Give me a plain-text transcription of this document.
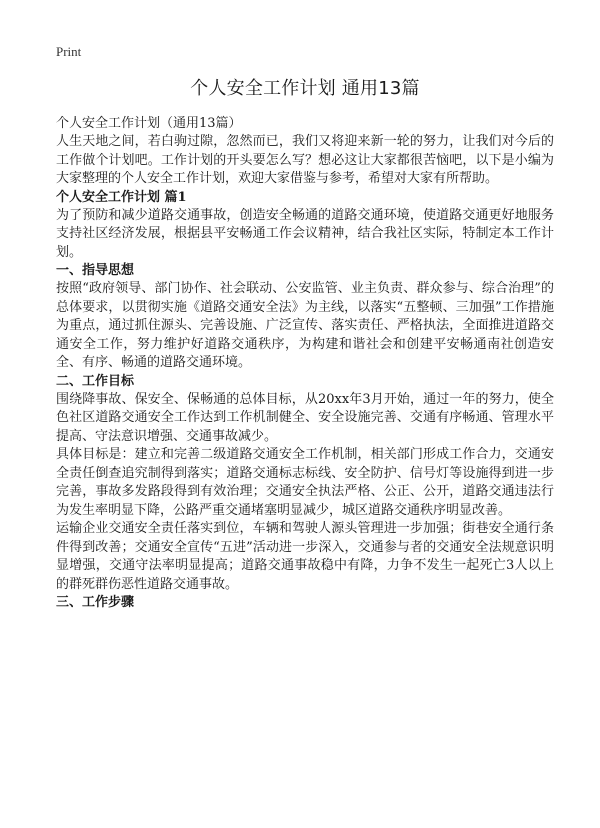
Print
个人安全工作计划 通用13篇
个人安全工作计划（通用13篇）

人生天地之间，若白驹过隙，忽然而已，我们又将迎来新一轮的努力，让我们对今后的工作做个计划吧。工作计划的开头要怎么写？想必这让大家都很苦恼吧，以下是小编为大家整理的个人安全工作计划，欢迎大家借鉴与参考，希望对大家有所帮助。

个人安全工作计划 篇1

为了预防和减少道路交通事故，创造安全畅通的道路交通环境，使道路交通更好地服务支持社区经济发展，根据县平安畅通工作会议精神，结合我社区实际，特制定本工作计划。

一、指导思想

按照“政府领导、部门协作、社会联动、公安监管、业主负责、群众参与、综合治理”的总体要求，以贯彻实施《道路交通安全法》为主线，以落实“五整顿、三加强”工作措施为重点，通过抓住源头、完善设施、广泛宣传、落实责任、严格执法，全面推进道路交通安全工作，努力维护好道路交通秩序，为构建和谐社会和创建平安畅通南社创造安全、有序、畅通的道路交通环境。

二、工作目标

围绕降事故、保安全、保畅通的总体目标，从20xx年3月开始，通过一年的努力，使全色社区道路交通安全工作达到工作机制健全、安全设施完善、交通有序畅通、管理水平提高、守法意识增强、交通事故减少。

具体目标是：建立和完善二级道路交通安全工作机制，相关部门形成工作合力，交通安全责任倒查追究制得到落实；道路交通标志标线、安全防护、信号灯等设施得到进一步完善，事故多发路段得到有效治理；交通安全执法严格、公正、公开，道路交通违法行为发生率明显下降，公路严重交通堵塞明显减少，城区道路交通秩序明显改善。

运输企业交通安全责任落实到位，车辆和驾驶人源头管理进一步加强；街巷安全通行条件得到改善；交通安全宣传“五进”活动进一步深入，交通参与者的交通安全法规意识明显增强，交通守法率明显提高；道路交通事故稳中有降，力争不发生一起死亡3人以上的群死群伤恶性道路交通事故。

三、工作步骤
